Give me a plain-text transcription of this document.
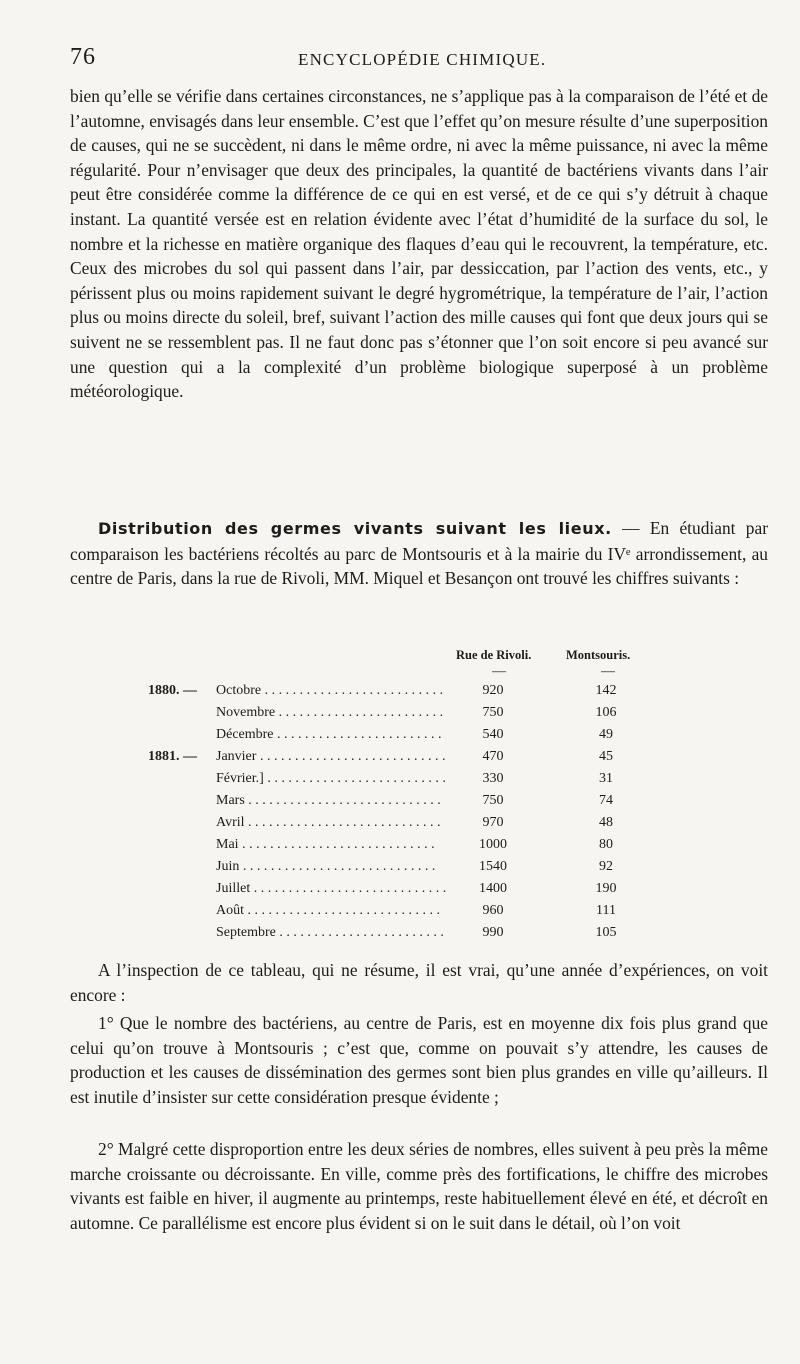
76	ENCYCLOPÉDIE CHIMIQUE.

bien qu’elle se vérifie dans certaines circonstances, ne s’applique pas à la comparaison de l’été et de l’automne, envisagés dans leur ensemble. C’est que l’effet qu’on mesure résulte d’une superposition de causes, qui ne se succèdent, ni dans le même ordre, ni avec la même puissance, ni avec la même régularité. Pour n’envisager que deux des principales, la quantité de bactériens vivants dans l’air peut être considérée comme la différence de ce qui en est versé, et de ce qui s’y détruit à chaque instant. La quantité versée est en relation évidente avec l’état d’humidité de la surface du sol, le nombre et la richesse en matière organique des flaques d’eau qui le recouvrent, la température, etc. Ceux des microbes du sol qui passent dans l’air, par dessiccation, par l’action des vents, etc., y périssent plus ou moins rapidement suivant le degré hygrométrique, la température de l’air, l’action plus ou moins directe du soleil, bref, suivant l’action des mille causes qui font que deux jours qui se suivent ne se ressemblent pas. Il ne faut donc pas s’étonner que l’on soit encore si peu avancé sur une question qui a la complexité d’un problème biologique superposé à un problème météorologique.

Distribution des germes vivants suivant les lieux. — En étudiant par comparaison les bactériens récoltés au parc de Montsouris et à la mairie du IVᵉ arrondissement, au centre de Paris, dans la rue de Rivoli, MM. Miquel et Besançon ont trouvé les chiffres suivants :

Rue de Rivoli.	Montsouris.
—	—
1880. — Octobre . . .	920	142
Novembre . . .	750	106
Décembre . . .	540	49
1881. — Janvier . . .	470	45
Février.] . . .	330	31
Mars . . .	750	74
Avril . . .	970	48
Mai . . .	1000	80
Juin . . .	1540	92
Juillet . . .	1400	190
Août . . .	960	111
Septembre . . .	990	105

A l’inspection de ce tableau, qui ne résume, il est vrai, qu’une année d’expériences, on voit encore :

1° Que le nombre des bactériens, au centre de Paris, est en moyenne dix fois plus grand que celui qu’on trouve à Montsouris ; c’est que, comme on pouvait s’y attendre, les causes de production et les causes de dissémination des germes sont bien plus grandes en ville qu’ailleurs. Il est inutile d’insister sur cette considération presque évidente ;

2° Malgré cette disproportion entre les deux séries de nombres, elles suivent à peu près la même marche croissante ou décroissante. En ville, comme près des fortifications, le chiffre des microbes vivants est faible en hiver, il augmente au printemps, reste habituellement élevé en été, et décroît en automne. Ce parallélisme est encore plus évident si on le suit dans le détail, où l’on voit
